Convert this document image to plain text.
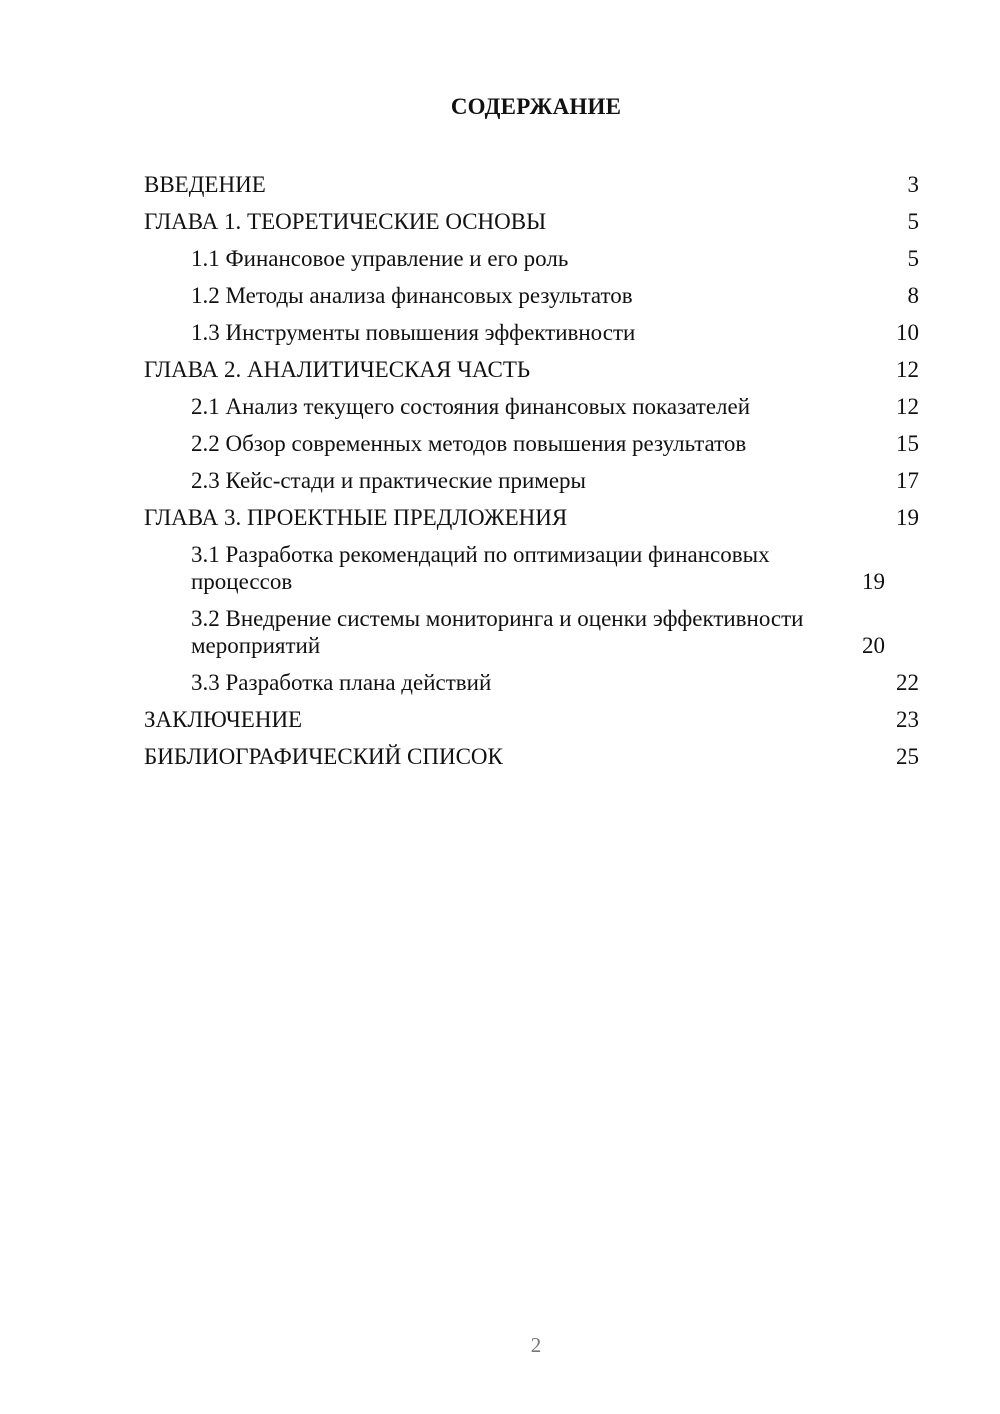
СОДЕРЖАНИЕ
ВВЕДЕНИЕ	3
ГЛАВА 1. ТЕОРЕТИЧЕСКИЕ ОСНОВЫ	5
1.1 Финансовое управление и его роль	5
1.2 Методы анализа финансовых результатов	8
1.3 Инструменты повышения эффективности	10
ГЛАВА 2. АНАЛИТИЧЕСКАЯ ЧАСТЬ	12
2.1 Анализ текущего состояния финансовых показателей	12
2.2 Обзор современных методов повышения результатов	15
2.3 Кейс-стади и практические примеры	17
ГЛАВА 3. ПРОЕКТНЫЕ ПРЕДЛОЖЕНИЯ	19
3.1 Разработка рекомендаций по оптимизации финансовых процессов	19
3.2 Внедрение системы мониторинга и оценки эффективности мероприятий	20
3.3 Разработка плана действий	22
ЗАКЛЮЧЕНИЕ	23
БИБЛИОГРАФИЧЕСКИЙ СПИСОК	25
2
